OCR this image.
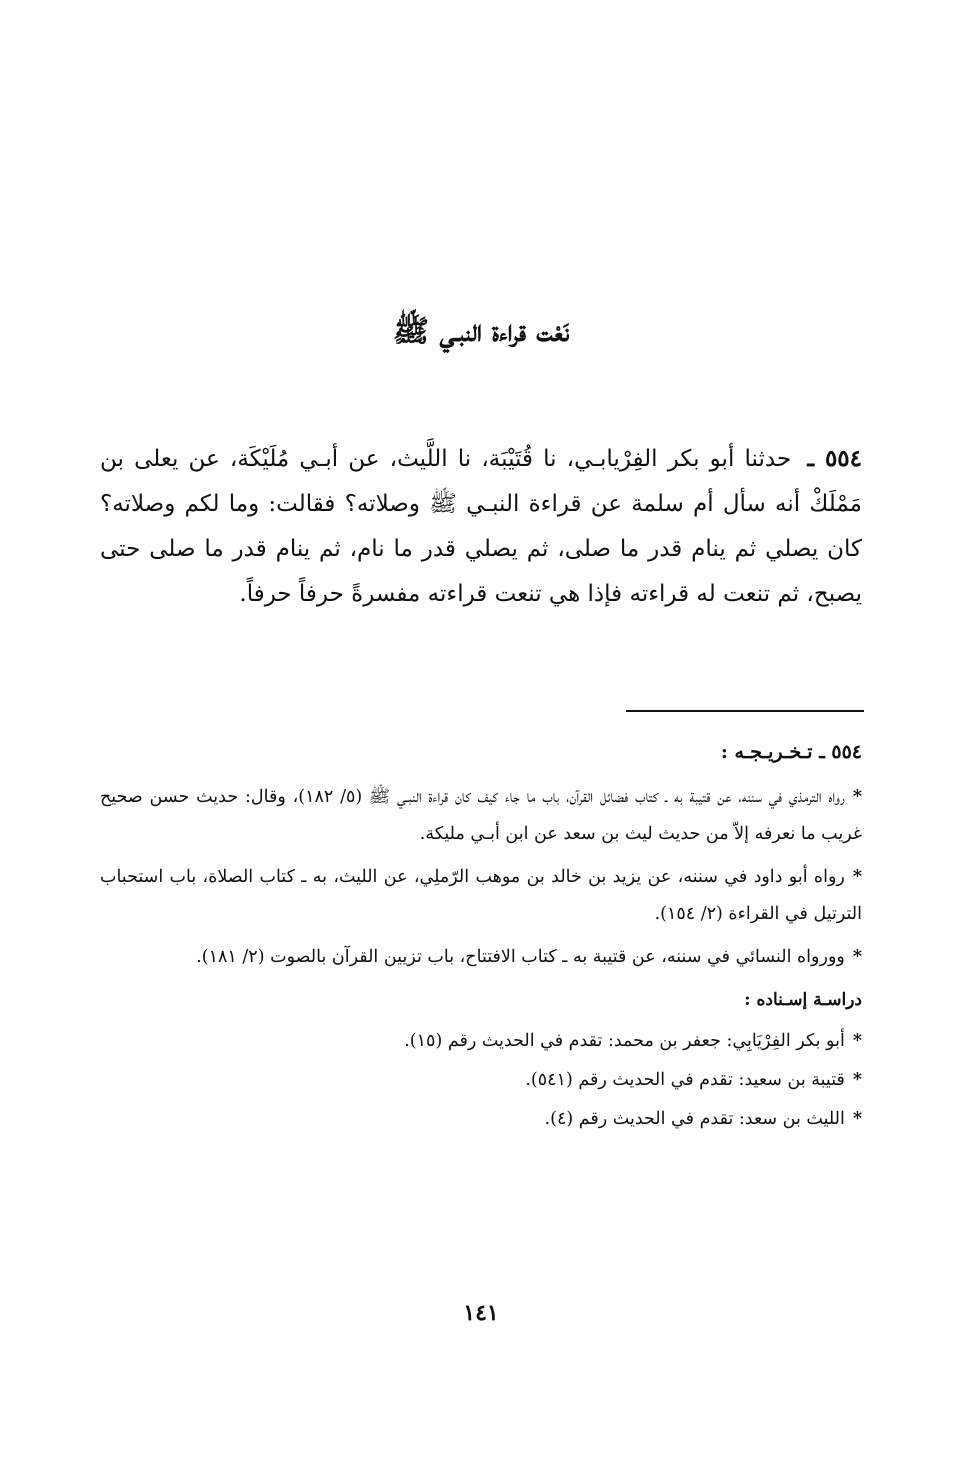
نَعْت قراءة النبـي ﷺ

٥٥٤ ـ حدثنا أبو بكر الفِرْيابـي، نا قُتَيْبَة، نا اللَّيث، عن أبـي مُلَيْكَة، عن يعلى بن مَمْلَكْ أنه سأل أم سلمة عن قراءة النبـي ﷺ وصلاته؟ فقالت: وما لكم وصلاته؟ كان يصلي ثم ينام قدر ما صلى، ثم يصلي قدر ما نام، ثم ينام قدر ما صلى حتى يصبح، ثم تنعت له قراءته فإذا هي تنعت قراءته مفسرةً حرفاً حرفاً.

٥٥٤ ـ تـخـريـجـه :
*رواه الترمذي في سننه، عن قتيبة به ـ كتاب فضائل القرآن، باب ما جاء كيف كان قراءة النبـي ﷺ (٥/ ١٨٢)، وقال: حديث حسن صحيح غريب ما نعرفه إلاّ من حديث ليث بن سعد عن ابن أبـي مليكة.
*رواه أبو داود في سننه، عن يزيد بن خالد بن موهب الرّملِي، عن الليث، به ـ كتاب الصلاة، باب استحباب الترتيل في القراءة (٢/ ١٥٤).
*وورواه النسائي في سننه، عن قتيبة به ـ كتاب الافتتاح، باب تزيين القرآن بالصوت (٢/ ١٨١).
دراسـة إسـناده :
*أبو بكر الفِرْيَابِي: جعفر بن محمد: تقدم في الحديث رقم (١٥).
*قتيبة بن سعيد: تقدم في الحديث رقم (٥٤١).
*الليث بن سعد: تقدم في الحديث رقم (٤).
١٤١
